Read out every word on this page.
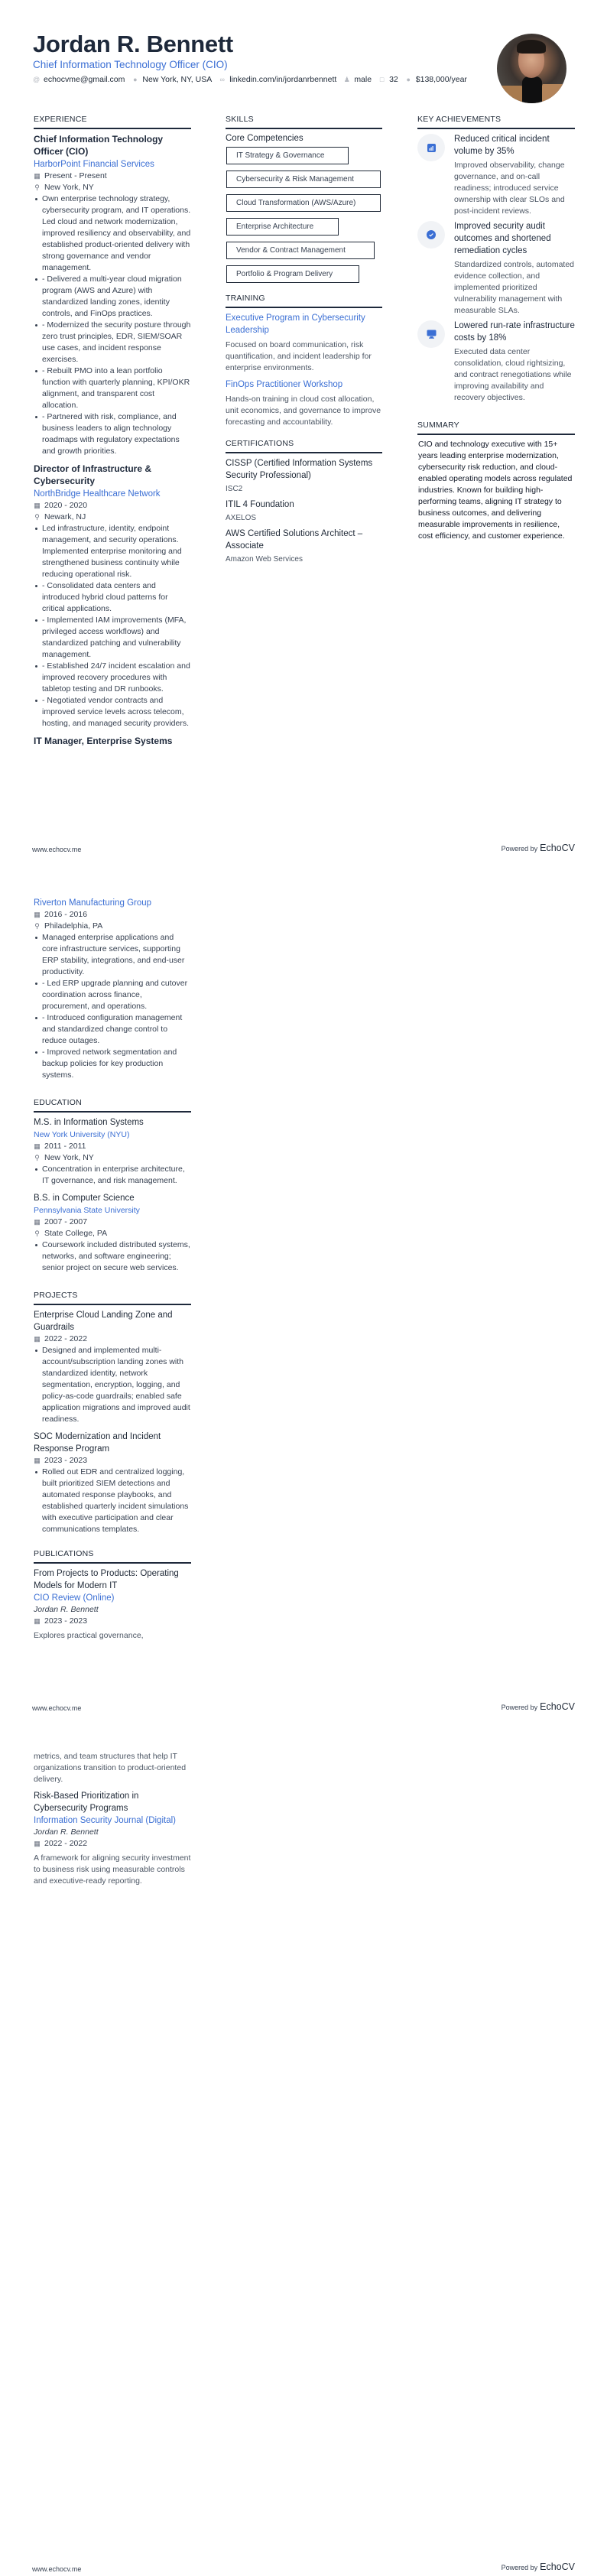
Jordan R. Bennett
Chief Information Technology Officer (CIO)
@ echocvme@gmail.com ● New York, NY, USA ∞ linkedin.com/in/jordanrbennett ♟ male □ 32 ● $138,000/year
EXPERIENCE
Chief Information Technology Officer (CIO)
HarborPoint Financial Services
▦ Present - Present
⚲ New York, NY
Own enterprise technology strategy, cybersecurity program, and IT operations. Led cloud and network modernization, improved resiliency and observability, and established product-oriented delivery with strong governance and vendor management.
- Delivered a multi-year cloud migration program (AWS and Azure) with standardized landing zones, identity controls, and FinOps practices.
- Modernized the security posture through zero trust principles, EDR, SIEM/SOAR use cases, and incident response exercises.
- Rebuilt PMO into a lean portfolio function with quarterly planning, KPI/OKR alignment, and transparent cost allocation.
- Partnered with risk, compliance, and business leaders to align technology roadmaps with regulatory expectations and growth priorities.
Director of Infrastructure & Cybersecurity
NorthBridge Healthcare Network
▦ 2020 - 2020
⚲ Newark, NJ
Led infrastructure, identity, endpoint management, and security operations. Implemented enterprise monitoring and strengthened business continuity while reducing operational risk.
- Consolidated data centers and introduced hybrid cloud patterns for critical applications.
- Implemented IAM improvements (MFA, privileged access workflows) and standardized patching and vulnerability management.
- Established 24/7 incident escalation and improved recovery procedures with tabletop testing and DR runbooks.
- Negotiated vendor contracts and improved service levels across telecom, hosting, and managed security providers.
IT Manager, Enterprise Systems
SKILLS
Core Competencies
IT Strategy & Governance
Cybersecurity & Risk Management
Cloud Transformation (AWS/Azure)
Enterprise Architecture
Vendor & Contract Management
Portfolio & Program Delivery
TRAINING
Executive Program in Cybersecurity Leadership
Focused on board communication, risk quantification, and incident leadership for enterprise environments.
FinOps Practitioner Workshop
Hands-on training in cloud cost allocation, unit economics, and governance to improve forecasting and accountability.
CERTIFICATIONS
CISSP (Certified Information Systems Security Professional)
ISC2
ITIL 4 Foundation
AXELOS
AWS Certified Solutions Architect – Associate
Amazon Web Services
KEY ACHIEVEMENTS
Reduced critical incident volume by 35%
Improved observability, change governance, and on-call readiness; introduced service ownership with clear SLOs and post-incident reviews.
Improved security audit outcomes and shortened remediation cycles
Standardized controls, automated evidence collection, and implemented prioritized vulnerability management with measurable SLAs.
Lowered run-rate infrastructure costs by 18%
Executed data center consolidation, cloud rightsizing, and contract renegotiations while improving availability and recovery objectives.
SUMMARY
CIO and technology executive with 15+ years leading enterprise modernization, cybersecurity risk reduction, and cloud-enabled operating models across regulated industries. Known for building high-performing teams, aligning IT strategy to business outcomes, and delivering measurable improvements in resilience, cost efficiency, and customer experience.
www.echocv.me	Powered by EchoCV
Riverton Manufacturing Group
▦ 2016 - 2016
⚲ Philadelphia, PA
Managed enterprise applications and core infrastructure services, supporting ERP stability, integrations, and end-user productivity.
- Led ERP upgrade planning and cutover coordination across finance, procurement, and operations.
- Introduced configuration management and standardized change control to reduce outages.
- Improved network segmentation and backup policies for key production systems.
EDUCATION
M.S. in Information Systems
New York University (NYU)
▦ 2011 - 2011
⚲ New York, NY
Concentration in enterprise architecture, IT governance, and risk management.
B.S. in Computer Science
Pennsylvania State University
▦ 2007 - 2007
⚲ State College, PA
Coursework included distributed systems, networks, and software engineering; senior project on secure web services.
PROJECTS
Enterprise Cloud Landing Zone and Guardrails
▦ 2022 - 2022
Designed and implemented multi-account/subscription landing zones with standardized identity, network segmentation, encryption, logging, and policy-as-code guardrails; enabled safe application migrations and improved audit readiness.
SOC Modernization and Incident Response Program
▦ 2023 - 2023
Rolled out EDR and centralized logging, built prioritized SIEM detections and automated response playbooks, and established quarterly incident simulations with executive participation and clear communications templates.
PUBLICATIONS
From Projects to Products: Operating Models for Modern IT
CIO Review (Online)
Jordan R. Bennett
▦ 2023 - 2023
Explores practical governance,
www.echocv.me	Powered by EchoCV
metrics, and team structures that help IT organizations transition to product-oriented delivery.
Risk-Based Prioritization in Cybersecurity Programs
Information Security Journal (Digital)
Jordan R. Bennett
▦ 2022 - 2022
A framework for aligning security investment to business risk using measurable controls and executive-ready reporting.
www.echocv.me	Powered by EchoCV
